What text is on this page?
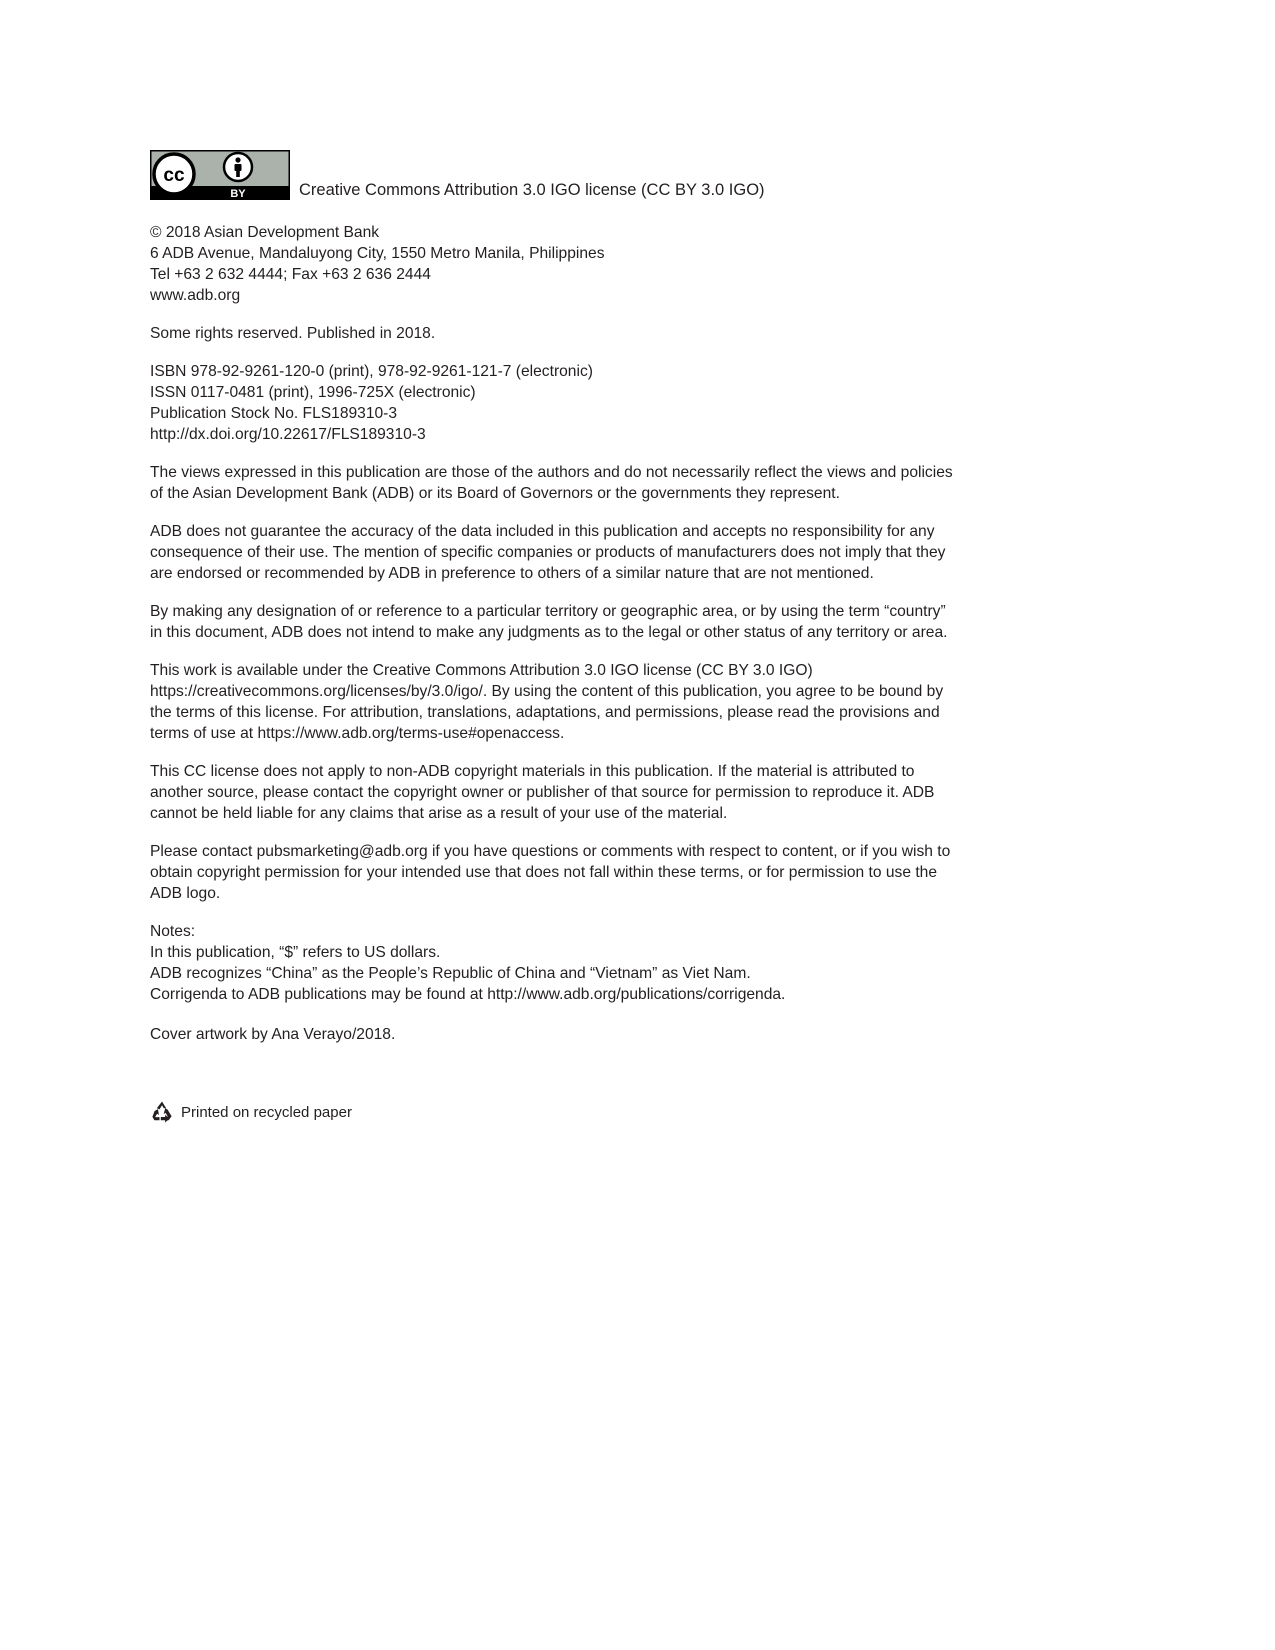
cc
BY	Creative Commons Attribution 3.0 IGO license (CC BY 3.0 IGO)
© 2018 Asian Development Bank
6 ADB Avenue, Mandaluyong City, 1550 Metro Manila, Philippines
Tel +63 2 632 4444; Fax +63 2 636 2444
www.adb.org
Some rights reserved. Published in 2018.
ISBN 978-92-9261-120-0 (print), 978-92-9261-121-7 (electronic)
ISSN 0117-0481 (print), 1996-725X (electronic)
Publication Stock No. FLS189310-3
http://dx.doi.org/10.22617/FLS189310-3

The views expressed in this publication are those of the authors and do not necessarily reflect the views and policies of the Asian Development Bank (ADB) or its Board of Governors or the governments they represent.

ADB does not guarantee the accuracy of the data included in this publication and accepts no responsibility for any consequence of their use. The mention of specific companies or products of manufacturers does not imply that they are endorsed or recommended by ADB in preference to others of a similar nature that are not mentioned.

By making any designation of or reference to a particular territory or geographic area, or by using the term “country” in this document, ADB does not intend to make any judgments as to the legal or other status of any territory or area.

This work is available under the Creative Commons Attribution 3.0 IGO license (CC BY 3.0 IGO) https://creativecommons.org/licenses/by/3.0/igo/. By using the content of this publication, you agree to be bound by the terms of this license. For attribution, translations, adaptations, and permissions, please read the provisions and terms of use at https://www.adb.org/terms-use#openaccess.

This CC license does not apply to non-ADB copyright materials in this publication. If the material is attributed to another source, please contact the copyright owner or publisher of that source for permission to reproduce it. ADB cannot be held liable for any claims that arise as a result of your use of the material.

Please contact pubsmarketing@adb.org if you have questions or comments with respect to content, or if you wish to obtain copyright permission for your intended use that does not fall within these terms, or for permission to use the ADB logo.

Notes:
In this publication, “$” refers to US dollars.
ADB recognizes “China” as the People’s Republic of China and “Vietnam” as Viet Nam.
Corrigenda to ADB publications may be found at http://www.adb.org/publications/corrigenda.
Cover artwork by Ana Verayo/2018.
Printed on recycled paper
